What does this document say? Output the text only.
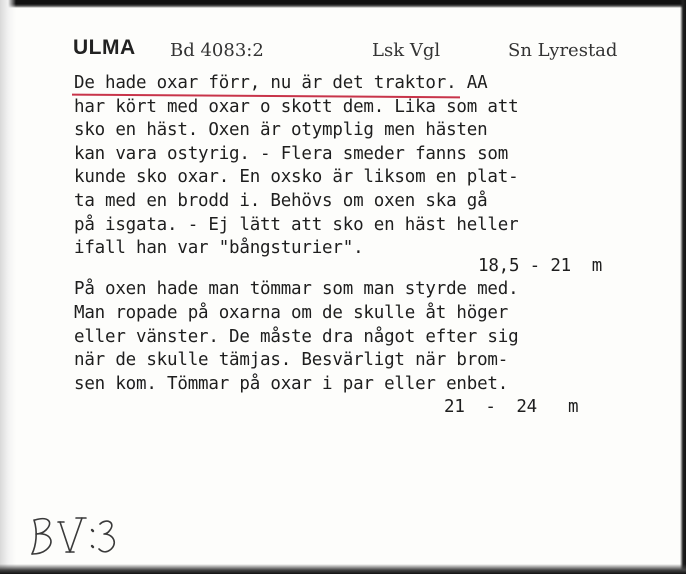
ULMA Bd 4083:2	Lsk Vgl	Sn Lyrestad
De hade oxar förr, nu är det traktor. AA
har kört med oxar o skott dem. Lika som att
sko en häst. Oxen är otymplig men hästen
kan vara ostyrig. - Flera smeder fanns som
kunde sko oxar. En oxsko är liksom en plat-
ta med en brodd i. Behövs om oxen ska gå
på isgata. - Ej lätt att sko en häst heller
ifall han var "bångsturier".
18,5 - 21  m
På oxen hade man tömmar som man styrde med.
Man ropade på oxarna om de skulle åt höger
eller vänster. De måste dra något efter sig
när de skulle tämjas. Besvärligt när brom-
sen kom. Tömmar på oxar i par eller enbet.
21  -  24   m
